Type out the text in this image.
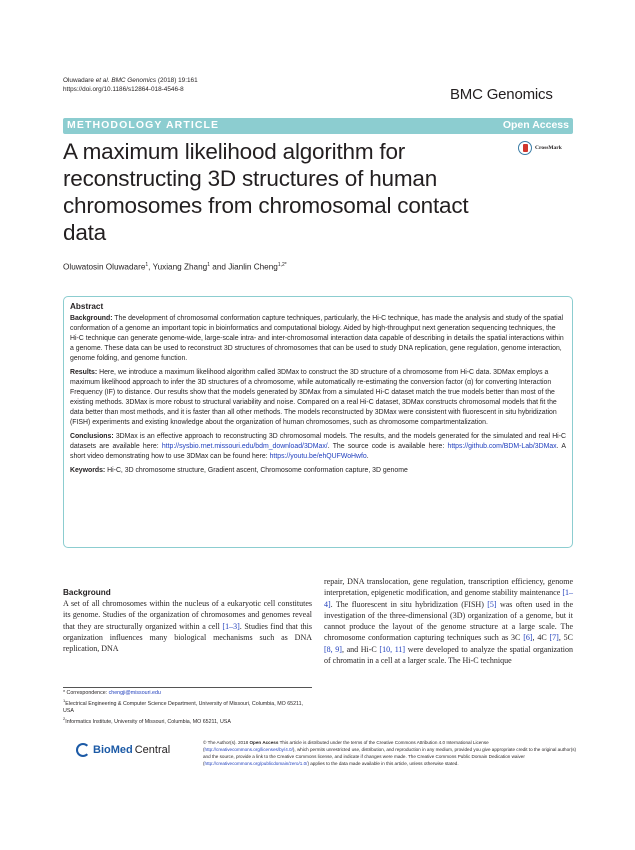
Oluwadare et al. BMC Genomics (2018) 19:161
https://doi.org/10.1186/s12864-018-4546-8	BMC Genomics
METHODOLOGY ARTICLE	Open Access
CrossMark
A maximum likelihood algorithm for reconstructing 3D structures of human chromosomes from chromosomal contact data
Oluwatosin Oluwadare$^1$, Yuxiang Zhang$^1$ and Jianlin Cheng$^{1,2*}$
Abstract

Background: The development of chromosomal conformation capture techniques, particularly, the Hi-C technique, has made the analysis and study of the spatial conformation of a genome an important topic in bioinformatics and computational biology. Aided by high-throughput next generation sequencing techniques, the Hi-C technique can generate genome-wide, large-scale intra- and inter-chromosomal interaction data capable of describing in details the spatial interactions within a genome. These data can be used to reconstruct 3D structures of chromosomes that can be used to study DNA replication, gene regulation, genome interaction, genome folding, and genome function.

Results: Here, we introduce a maximum likelihood algorithm called 3DMax to construct the 3D structure of a chromosome from Hi-C data. 3DMax employs a maximum likelihood approach to infer the 3D structures of a chromosome, while automatically re-estimating the conversion factor (α) for converting Interaction Frequency (IF) to distance. Our results show that the models generated by 3DMax from a simulated Hi-C dataset match the true models better than most of the existing methods. 3DMax is more robust to structural variability and noise. Compared on a real Hi-C dataset, 3DMax constructs chromosomal models that fit the data better than most methods, and it is faster than all other methods. The models reconstructed by 3DMax were consistent with fluorescent in situ hybridization (FISH) experiments and existing knowledge about the organization of human chromosomes, such as chromosome compartmentalization.

Conclusions: 3DMax is an effective approach to reconstructing 3D chromosomal models. The results, and the models generated for the simulated and real Hi-C datasets are available here: http://sysbio.rnet.missouri.edu/bdm_download/3DMax/. The source code is available here: https://github.com/BDM-Lab/3DMax. A short video demonstrating how to use 3DMax can be found here: https://youtu.be/ehQUFWoHwfo.

Keywords: Hi-C, 3D chromosome structure, Gradient ascent, Chromosome conformation capture, 3D genome

Background
A set of all chromosomes within the nucleus of a eukaryotic cell constitutes its genome. Studies of the organization of chromosomes and genomes reveal that they are structurally organized within a cell [1–3]. Studies find that this organization influences many biological mechanisms such as DNA replication, DNA
repair, DNA translocation, gene regulation, transcription efficiency, genome interpretation, epigenetic modification, and genome stability maintenance [1–4]. The fluorescent in situ hybridization (FISH) [5] was often used in the investigation of the three-dimensional (3D) organization of a genome, but it cannot produce the layout of the genome structure at a large scale. The chromosome conformation capturing techniques such as 3C [6], 4C [7], 5C [8, 9], and Hi-C [10, 11] were developed to analyze the spatial organization of chromatin in a cell at a larger scale. The Hi-C technique
* Correspondence: chengji@missouri.edu
$^1$Electrical Engineering & Computer Science Department, University of Missouri, Columbia, MO 65211, USA
$^2$Informatics Institute, University of Missouri, Columbia, MO 65211, USA
BioMed Central
© The Author(s). 2018 Open Access This article is distributed under the terms of the Creative Commons Attribution 4.0 International License (http://creativecommons.org/licenses/by/4.0/), which permits unrestricted use, distribution, and reproduction in any medium, provided you give appropriate credit to the original author(s) and the source, provide a link to the Creative Commons license, and indicate if changes were made. The Creative Commons Public Domain Dedication waiver (http://creativecommons.org/publicdomain/zero/1.0/) applies to the data made available in this article, unless otherwise stated.
